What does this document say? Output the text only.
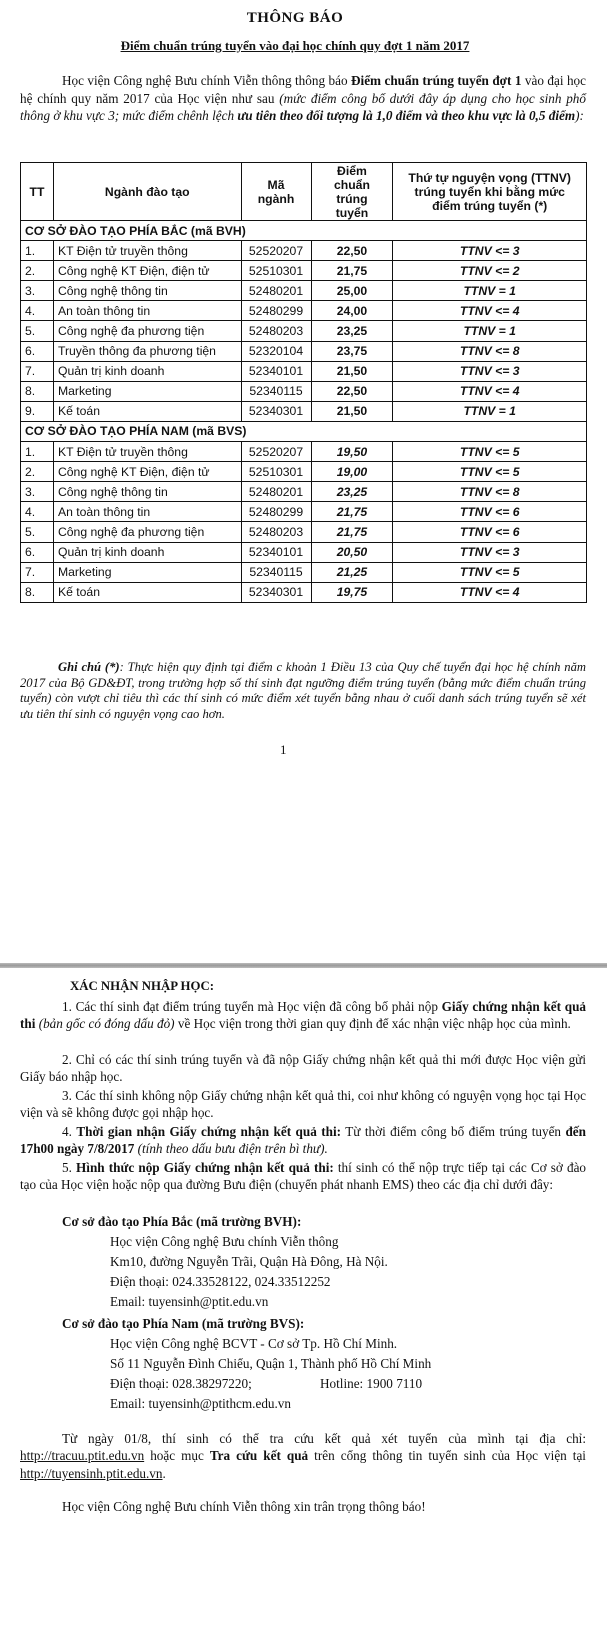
THÔNG BÁO
Điểm chuẩn trúng tuyển vào đại học chính quy đợt 1 năm 2017
Học viện Công nghệ Bưu chính Viễn thông thông báo Điểm chuẩn trúng tuyển đợt 1 vào đại học hệ chính quy năm 2017 của Học viện như sau (mức điểm công bố dưới đây áp dụng cho học sinh phổ thông ở khu vực 3; mức điểm chênh lệch ưu tiên theo đối tượng là 1,0 điểm và theo khu vực là 0,5 điểm):
TT	Ngành đào tạo	Mã ngành	Điểm chuẩn trúng tuyển	Thứ tự nguyện vọng (TTNV) trúng tuyển khi bằng mức điểm trúng tuyển (*)
CƠ SỞ ĐÀO TẠO PHÍA BẮC (mã BVH)				
1.	KT Điện tử truyền thông	52520207	22,50	TTNV <= 3
2.	Công nghệ KT Điện, điện tử	52510301	21,75	TTNV <= 2
3.	Công nghệ thông tin	52480201	25,00	TTNV = 1
4.	An toàn thông tin	52480299	24,00	TTNV <= 4
5.	Công nghệ đa phương tiện	52480203	23,25	TTNV = 1
6.	Truyền thông đa phương tiện	52320104	23,75	TTNV <= 8
7.	Quản trị kinh doanh	52340101	21,50	TTNV <= 3
8.	Marketing	52340115	22,50	TTNV <= 4
9.	Kế toán	52340301	21,50	TTNV = 1
CƠ SỞ ĐÀO TẠO PHÍA NAM (mã BVS)				
1.	KT Điện tử truyền thông	52520207	19,50	TTNV <= 5
2.	Công nghệ KT Điện, điện tử	52510301	19,00	TTNV <= 5
3.	Công nghệ thông tin	52480201	23,25	TTNV <= 8
4.	An toàn thông tin	52480299	21,75	TTNV <= 6
5.	Công nghệ đa phương tiện	52480203	21,75	TTNV <= 6
6.	Quản trị kinh doanh	52340101	20,50	TTNV <= 3
7.	Marketing	52340115	21,25	TTNV <= 5
8.	Kế toán	52340301	19,75	TTNV <= 4
Ghi chú (*): Thực hiện quy định tại điểm c khoản 1 Điều 13 của Quy chế tuyển đại học hệ chính năm 2017 của Bộ GD&ĐT, trong trường hợp số thí sinh đạt ngưỡng điểm trúng tuyển (bằng mức điểm chuẩn trúng tuyển) còn vượt chỉ tiêu thì các thí sinh có mức điểm xét tuyển bằng nhau ở cuối danh sách trúng tuyển sẽ xét ưu tiên thí sinh có nguyện vọng cao hơn.
1
XÁC NHẬN NHẬP HỌC:
1. Các thí sinh đạt điểm trúng tuyển mà Học viện đã công bố phải nộp Giấy chứng nhận kết quả thi (bản gốc có đóng dấu đỏ) về Học viện trong thời gian quy định để xác nhận việc nhập học của mình.
2. Chỉ có các thí sinh trúng tuyển và đã nộp Giấy chứng nhận kết quả thi mới được Học viện gửi Giấy báo nhập học.
3. Các thí sinh không nộp Giấy chứng nhận kết quả thi, coi như không có nguyện vọng học tại Học viện và sẽ không được gọi nhập học.
4. Thời gian nhận Giấy chứng nhận kết quả thi: Từ thời điểm công bố điểm trúng tuyển đến 17h00 ngày 7/8/2017 (tính theo dấu bưu điện trên bì thư).
5. Hình thức nộp Giấy chứng nhận kết quả thi: thí sinh có thể nộp trực tiếp tại các Cơ sở đào tạo của Học viện hoặc nộp qua đường Bưu điện (chuyển phát nhanh EMS) theo các địa chỉ dưới đây:
Cơ sở đào tạo Phía Bắc (mã trường BVH):
Học viện Công nghệ Bưu chính Viễn thông
Km10, đường Nguyễn Trãi, Quận Hà Đông, Hà Nội.
Điện thoại: 024.33528122, 024.33512252
Email: tuyensinh@ptit.edu.vn
Cơ sở đào tạo Phía Nam (mã trường BVS):
Học viện Công nghệ BCVT - Cơ sở Tp. Hồ Chí Minh.
Số 11 Nguyễn Đình Chiểu, Quận 1, Thành phố Hồ Chí Minh
Điện thoại: 028.38297220;	Hotline: 1900 7110
Email: tuyensinh@ptithcm.edu.vn
Từ ngày 01/8, thí sinh có thể tra cứu kết quả xét tuyển của mình tại địa chỉ: http://tracuu.ptit.edu.vn hoặc mục Tra cứu kết quả trên cổng thông tin tuyển sinh của Học viện tại http://tuyensinh.ptit.edu.vn.
Học viện Công nghệ Bưu chính Viễn thông xin trân trọng thông báo!
